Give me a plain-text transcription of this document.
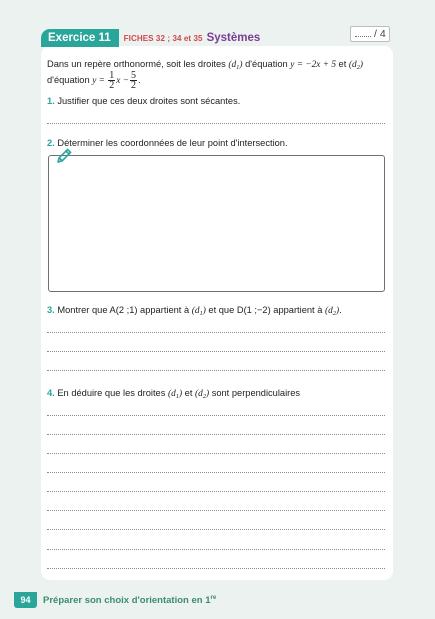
Exercice 11	FICHES 32 ; 34 et 35 Systèmes	/ 4
Dans un repère orthonormé, soit les droites $(d_1)$ d'équation y = −2x + 5 et $(d_2)$
d'équation $y = \frac{1}{2}$ $x - \frac{5}{2}$ .
1. Justifier que ces deux droites sont sécantes.
2. Déterminer les coordonnées de leur point d'intersection.
3. Montrer que A(2 ;1) appartient à $(d_1)$ et que D(1 ;−2) appartient à $(d_2)$.
4. En déduire que les droites $(d_1)$ et $(d_2)$ sont perpendiculaires
94	Préparer son choix d'orientation en 1re
